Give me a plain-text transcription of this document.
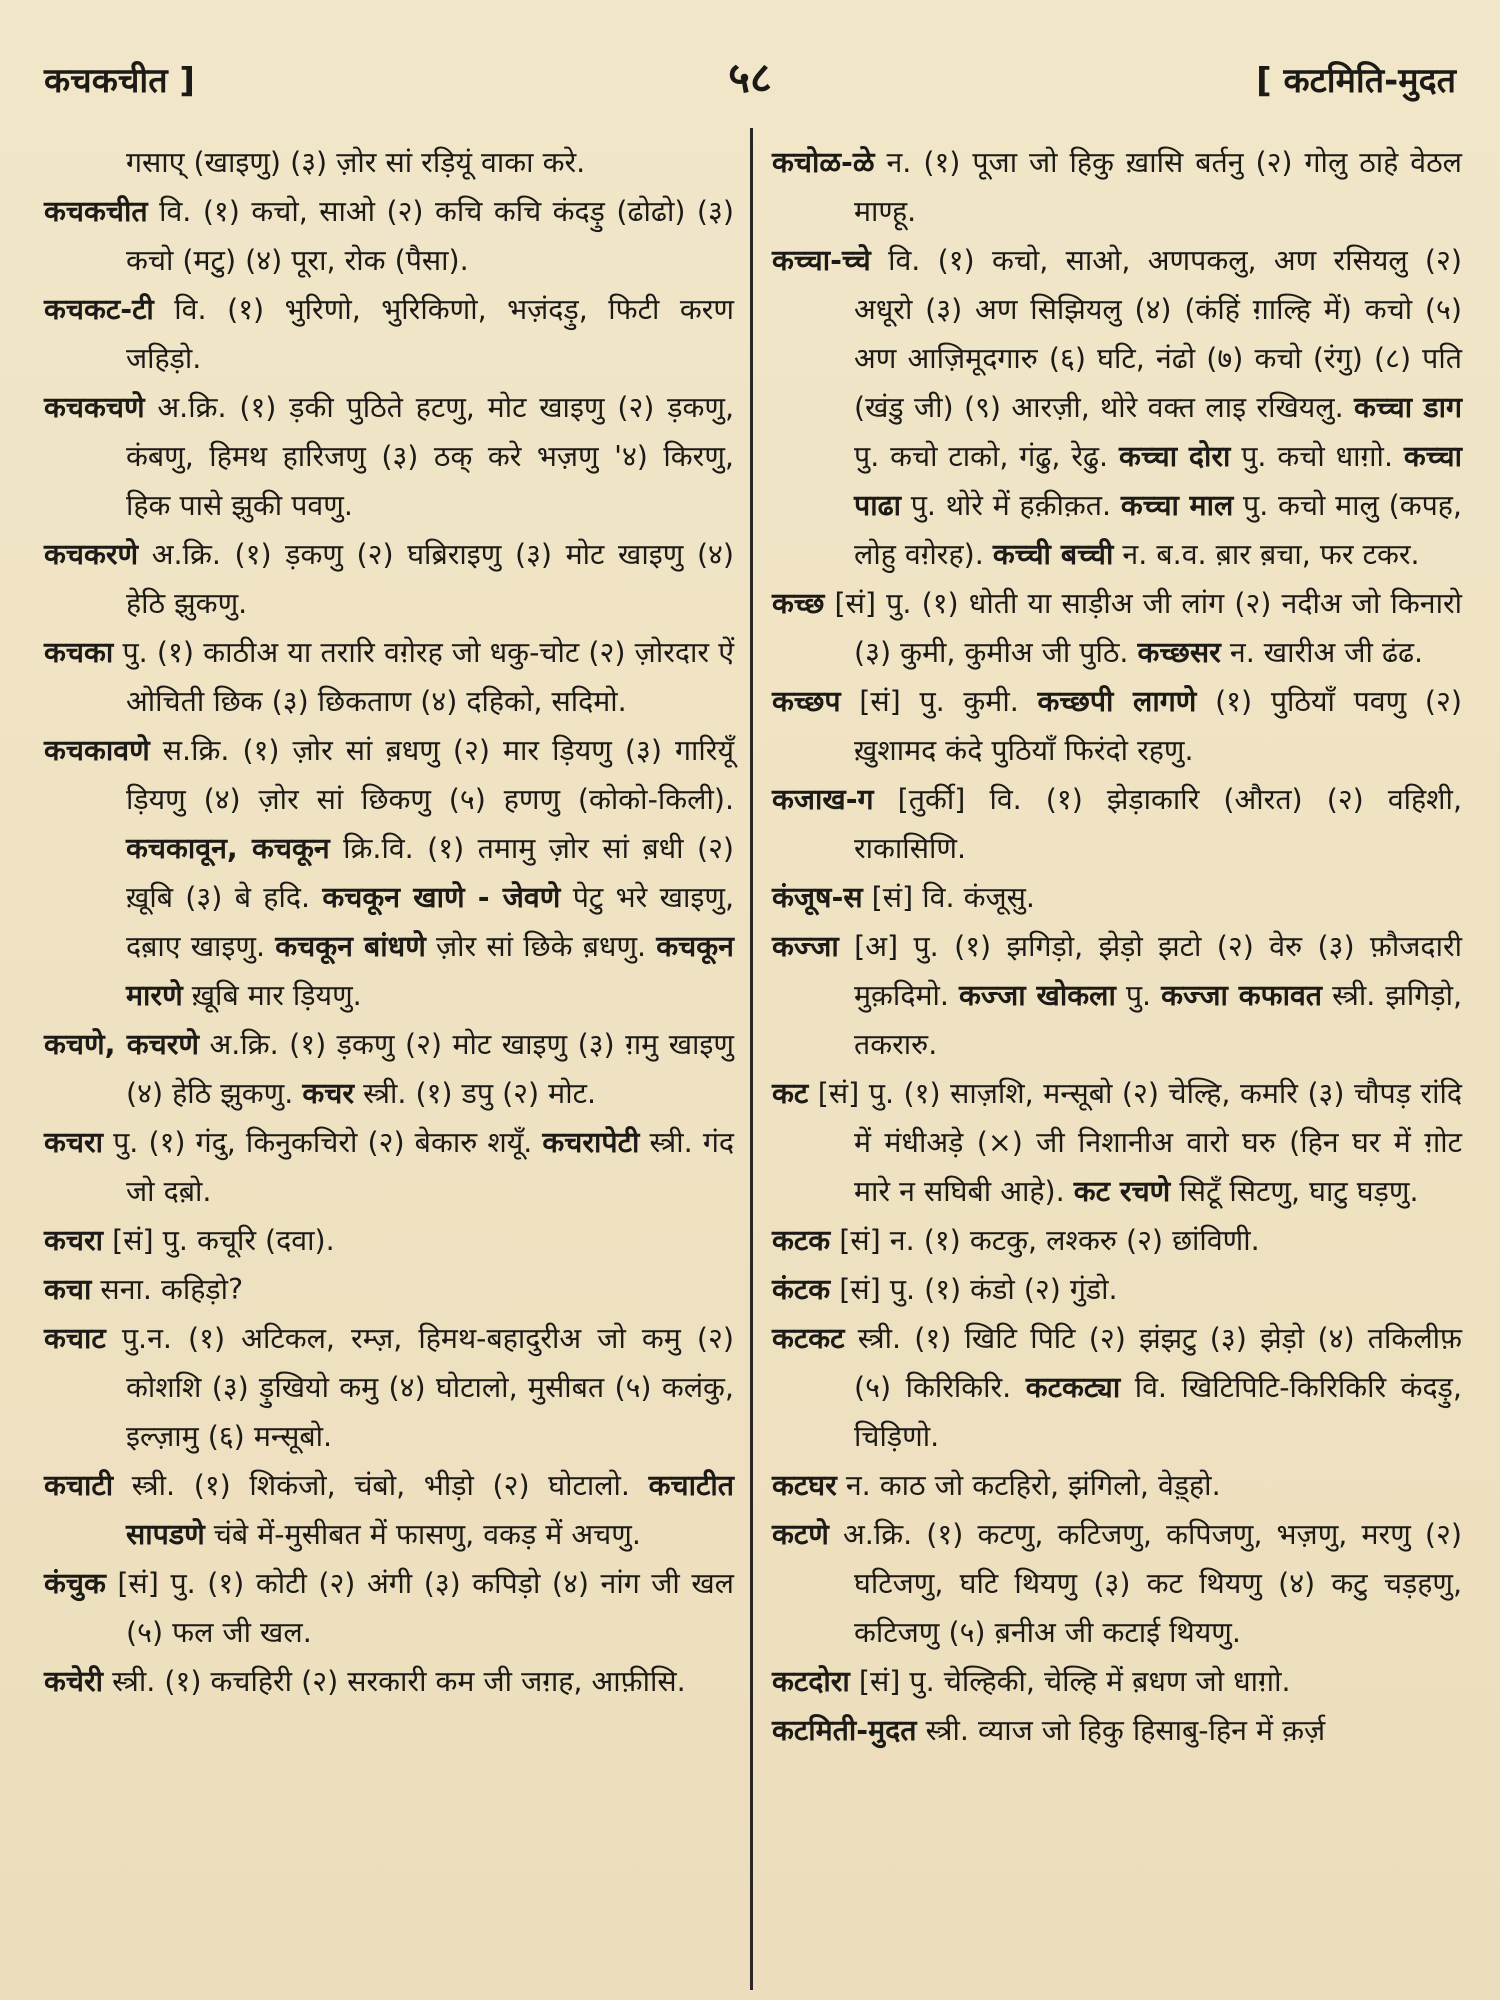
कचकचीत ]	५८	[ कटमिति-मुदत

गसाए् (खाइणु) (३) ज़ोर सां रड़ियूं वाका करे.

कचकचीत वि. (१) कचो, साओ (२) कचि कचि कंदड़ु (ढोढो) (३) कचो (मटु) (४) पूरा, रोक (पैसा).

कचकट-टी वि. (१) भुरिणो, भुरिकिणो, भज़ंदड़ु, फिटी करण जहिड़ो.

कचकचणे अ.क्रि. (१) ड़की पुठिते हटणु, मोट खाइणु (२) ड़कणु, कंबणु, हिमथ हारिजणु (३) ठक् करे भज़णु '४) किरणु, हिक पासे झुकी पवणु.

कचकरणे अ.क्रि. (१) ड़कणु (२) घब्रिराइणु (३) मोट खाइणु (४) हेठि झुकणु.

कचका पु. (१) काठीअ या तरारि वग़ेरह जो धकु-चोट (२) ज़ोरदार ऐं ओचिती छिक (३) छिकताण (४) दहिको, सदिमो.

कचकावणे स.क्रि. (१) ज़ोर सां ब़धणु (२) मार ड़ियणु (३) गारियूँ ड़ियणु (४) ज़ोर सां छिकणु (५) हणणु (कोको-किली). कचकावून, कचकून क्रि.वि. (१) तमामु ज़ोर सां ब़धी (२) ख़ूबि (३) बे हदि. कचकून खाणे - जेवणे पेटु भरे खाइणु, दब़ाए खाइणु. कचकून बांधणे ज़ोर सां छिके ब़धणु. कचकून मारणे ख़ूबि मार ड़ियणु.

कचणे, कचरणे अ.क्रि. (१) ड़कणु (२) मोट खाइणु (३) ग़मु खाइणु (४) हेठि झुकणु. कचर स्त्री. (१) डपु (२) मोट.

कचरा पु. (१) गंदु, किनुकचिरो (२) बेकारु शयूँ. कचरापेटी स्त्री. गंद जो दब़ो.

कचरा [सं] पु. कचूरि (दवा).

कचा सना. कहिड़ो?

कचाट पु.न. (१) अटिकल, रम्ज़, हिमथ-बहादुरीअ जो कमु (२) कोशशि (३) ड़ुखियो कमु (४) घोटालो, मुसीबत (५) कलंकु, इल्ज़ामु (६) मन्सूबो.

कचाटी स्त्री. (१) शिकंजो, चंबो, भीड़ो (२) घोटालो. कचाटीत सापडणे चंबे में-मुसीबत में फासणु, वकड़ में अचणु.

कंचुक [सं] पु. (१) कोटी (२) अंगी (३) कपिड़ो (४) नांग जी खल (५) फल जी खल.

कचेरी स्त्री. (१) कचहिरी (२) सरकारी कम जी जग़ह, आफ़ीसि.

कचोळ-ळे न. (१) पूजा जो हिकु ख़ासि बर्तनु (२) गोलु ठाहे वेठल माण्हू.

कच्चा-च्चे वि. (१) कचो, साओ, अणपकलु, अण रसियलु (२) अधूरो (३) अण सिझियलु (४) (कंहिं ग़ाल्हि में) कचो (५) अण आज़िमूदगारु (६) घटि, नंढो (७) कचो (रंगु) (८) पति (खंडु जी) (९) आरज़ी, थोरे वक्त लाइ रखियलु. कच्चा डाग पु. कचो टाको, गंढु, रेढु. कच्चा दोरा पु. कचो धाग़ो. कच्चा पाढा पु. थोरे में हक़ीक़त. कच्चा माल पु. कचो मालु (कपह, लोहु वग़ेरह). कच्ची बच्ची न. ब.व. ब़ार ब़चा, फर टकर.

कच्छ [सं] पु. (१) धोती या साड़ीअ जी लांग (२) नदीअ जो किनारो (३) कुमी, कुमीअ जी पुठि. कच्छसर न. खारीअ जी ढंढ.

कच्छप [सं] पु. कुमी. कच्छपी लागणे (१) पुठियाँ पवणु (२) ख़ुशामद कंदे पुठियाँ फिरंदो रहणु.

कजाख-ग [तुर्की] वि. (१) झेड़ाकारि (औरत) (२) वहिशी, राकासिणि.

कंजूष-स [सं] वि. कंजूसु.

कज्जा [अ] पु. (१) झगिड़ो, झेड़ो झटो (२) वेरु (३) फ़ौजदारी मुक़दिमो. कज्जा खोकला पु. कज्जा कफावत स्त्री. झगिड़ो, तकरारु.

कट [सं] पु. (१) साज़शि, मन्सूबो (२) चेल्हि, कमरि (३) चौपड़ रांदि में मंधीअड़े (×) जी निशानीअ वारो घरु (हिन घर में ग़ोट मारे न सघिबी आहे). कट रचणे सिटूँ सिटणु, घाटु घड़णु.

कटक [सं] न. (१) कटकु, लश्करु (२) छांविणी.

कंटक [सं] पु. (१) कंडो (२) गुंडो.

कटकट स्त्री. (१) खिटि पिटि (२) झंझटु (३) झेड़ो (४) तकिलीफ़ (५) किरिकिरि. कटकट्या वि. खिटिपिटि-किरिकिरि कंदड़ु, चिड़िणो.

कटघर न. काठ जो कटहिरो, झंगिलो, वेड़्हो.

कटणे अ.क्रि. (१) कटणु, कटिजणु, कपिजणु, भज़णु, मरणु (२) घटिजणु, घटि थियणु (३) कट थियणु (४) कटु चड़हणु, कटिजणु (५) ब़नीअ जी कटाई थियणु.

कटदोरा [सं] पु. चेल्हिकी, चेल्हि में ब़धण जो धाग़ो.

कटमिती-मुदत स्त्री. व्याज जो हिकु हिसाबु-हिन में क़र्ज़
